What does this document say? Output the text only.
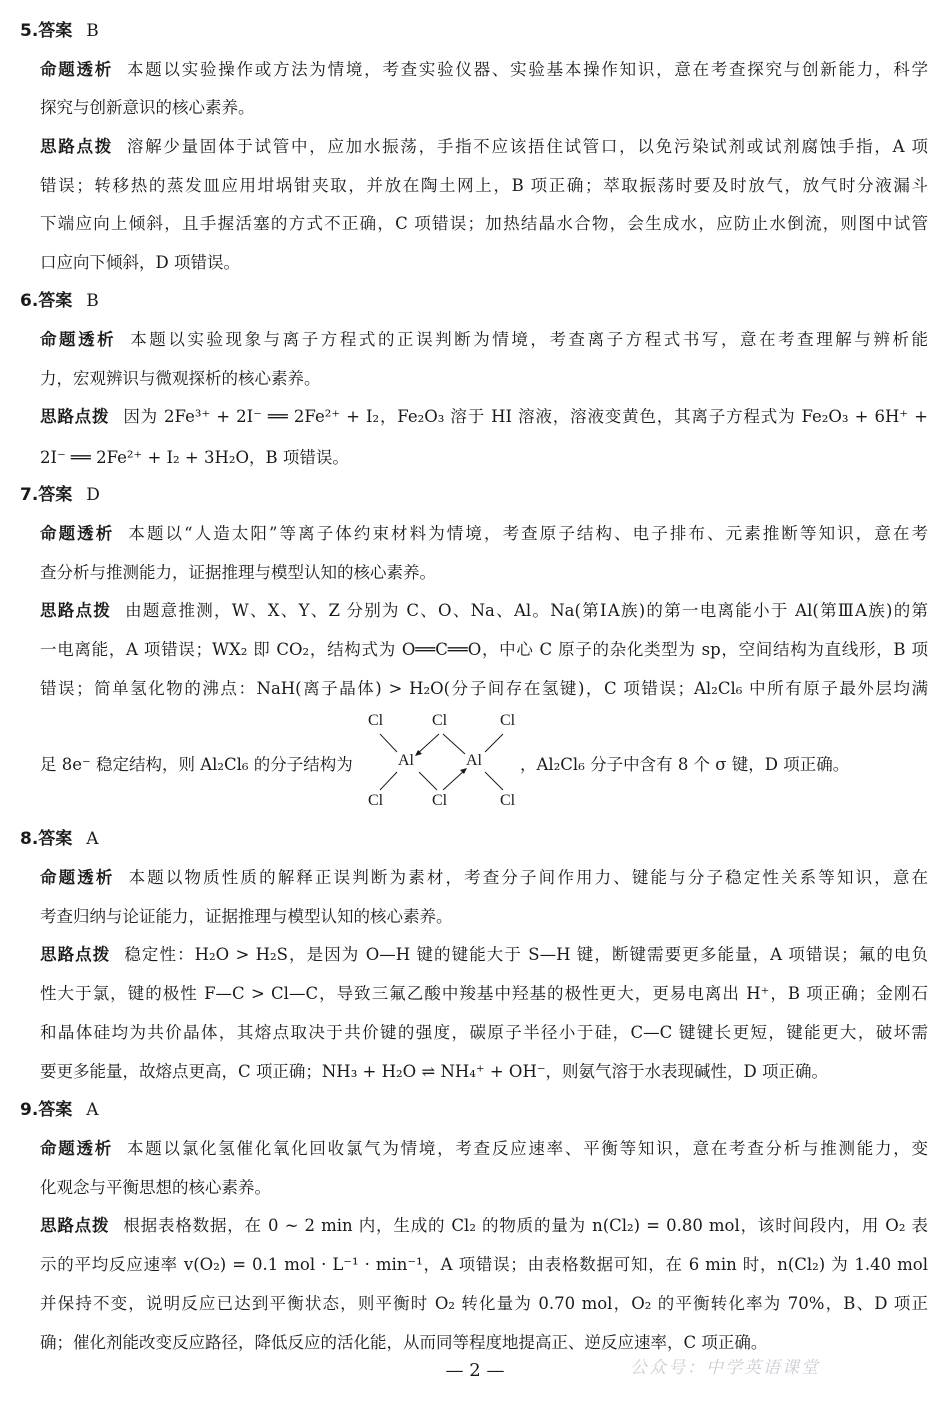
5.答案 B
命题透析 本题以实验操作或方法为情境，考查实验仪器、实验基本操作知识，意在考查探究与创新能力，科学
探究与创新意识的核心素养。
思路点拨 溶解少量固体于试管中，应加水振荡，手指不应该捂住试管口，以免污染试剂或试剂腐蚀手指，A 项
错误；转移热的蒸发皿应用坩埚钳夹取，并放在陶土网上，B 项正确；萃取振荡时要及时放气，放气时分液漏斗
下端应向上倾斜，且手握活塞的方式不正确，C 项错误；加热结晶水合物，会生成水，应防止水倒流，则图中试管
口应向下倾斜，D 项错误。
6.答案 B
命题透析 本题以实验现象与离子方程式的正误判断为情境，考查离子方程式书写，意在考查理解与辨析能
力，宏观辨识与微观探析的核心素养。
思路点拨 因为 2Fe³⁺ + 2I⁻ ══ 2Fe²⁺ + I₂，Fe₂O₃ 溶于 HI 溶液，溶液变黄色，其离子方程式为 Fe₂O₃ + 6H⁺ +
2I⁻ ══ 2Fe²⁺ + I₂ + 3H₂O，B 项错误。
7.答案 D
命题透析 本题以“人造太阳”等离子体约束材料为情境，考查原子结构、电子排布、元素推断等知识，意在考
查分析与推测能力，证据推理与模型认知的核心素养。
思路点拨 由题意推测，W、X、Y、Z 分别为 C、O、Na、Al。Na(第ⅠA族)的第一电离能小于 Al(第ⅢA族)的第
一电离能，A 项错误；WX₂ 即 CO₂，结构式为 O══C══O，中心 C 原子的杂化类型为 sp，空间结构为直线形，B 项
错误；简单氢化物的沸点：NaH(离子晶体) > H₂O(分子间存在氢键)，C 项错误；Al₂Cl₆ 中所有原子最外层均满
足 8e⁻ 稳定结构，则 Al₂Cl₆ 的分子结构为
Cl	Cl	Cl
Al	Al
Cl	Cl	Cl
，Al₂Cl₆ 分子中含有 8 个 σ 键，D 项正确。
8.答案 A
命题透析 本题以物质性质的解释正误判断为素材，考查分子间作用力、键能与分子稳定性关系等知识，意在
考查归纳与论证能力，证据推理与模型认知的核心素养。
思路点拨 稳定性：H₂O > H₂S，是因为 O—H 键的键能大于 S—H 键，断键需要更多能量，A 项错误；氟的电负
性大于氯，键的极性 F—C > Cl—C，导致三氟乙酸中羧基中羟基的极性更大，更易电离出 H⁺，B 项正确；金刚石
和晶体硅均为共价晶体，其熔点取决于共价键的强度，碳原子半径小于硅，C—C 键键长更短，键能更大，破坏需
要更多能量，故熔点更高，C 项正确；NH₃ + H₂O ⇌ NH₄⁺ + OH⁻，则氨气溶于水表现碱性，D 项正确。
9.答案 A
命题透析 本题以氯化氢催化氧化回收氯气为情境，考查反应速率、平衡等知识，意在考查分析与推测能力，变
化观念与平衡思想的核心素养。
思路点拨 根据表格数据，在 0 ~ 2 min 内，生成的 Cl₂ 的物质的量为 n(Cl₂) = 0.80 mol，该时间段内，用 O₂ 表
示的平均反应速率 v(O₂) = 0.1 mol · L⁻¹ · min⁻¹，A 项错误；由表格数据可知，在 6 min 时，n(Cl₂) 为 1.40 mol
并保持不变，说明反应已达到平衡状态，则平衡时 O₂ 转化量为 0.70 mol，O₂ 的平衡转化率为 70%，B、D 项正
确；催化剂能改变反应路径，降低反应的活化能，从而同等程度地提高正、逆反应速率，C 项正确。
— 2 —	公众号：中学英语课堂
